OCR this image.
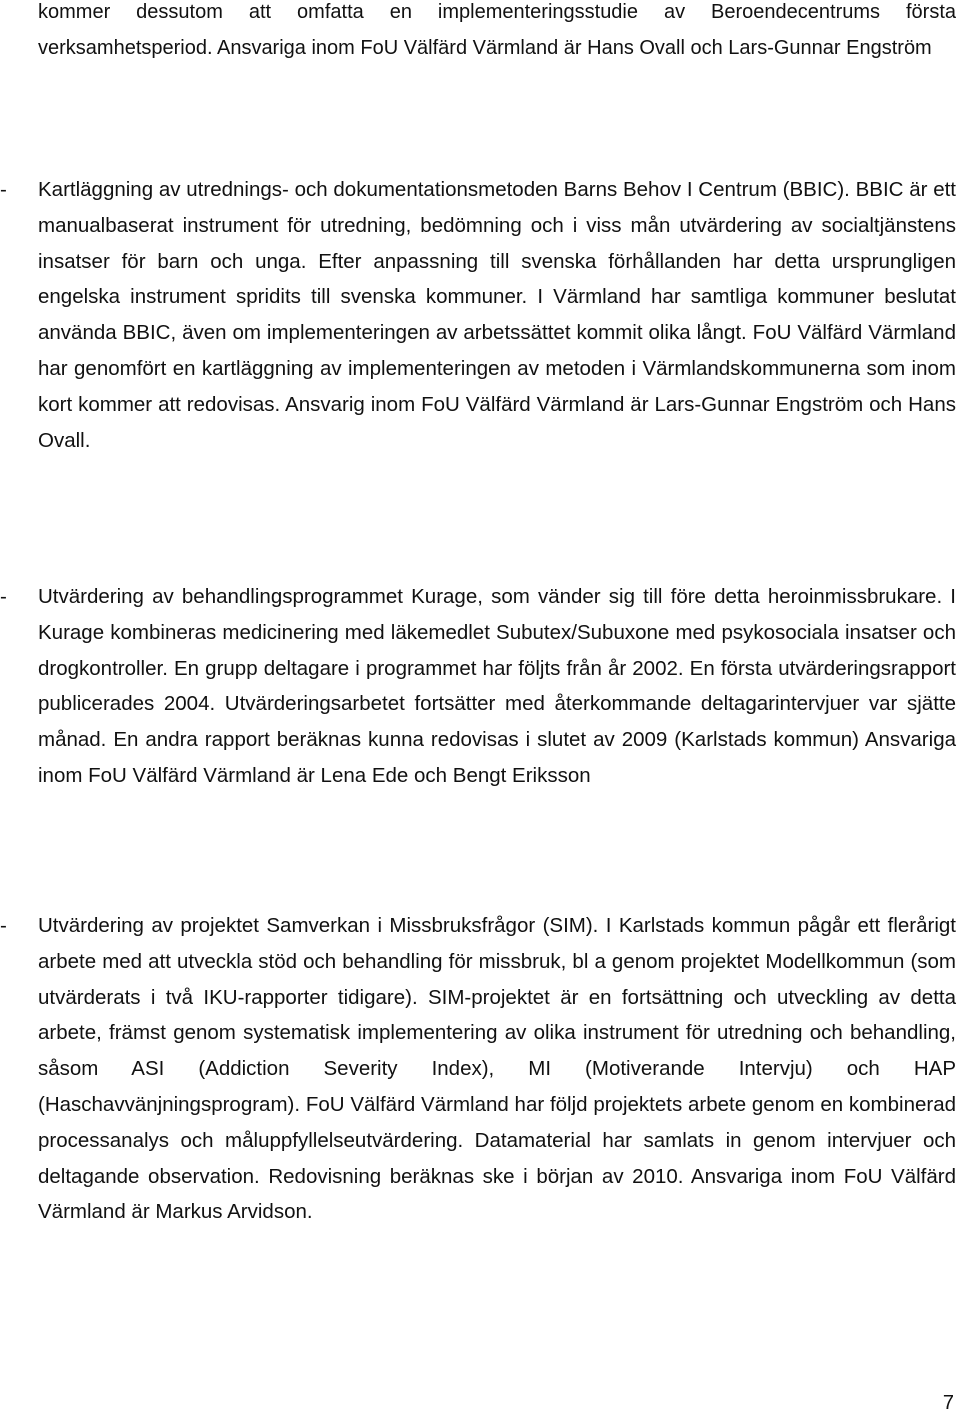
kommer dessutom att omfatta en implementeringsstudie av Beroendecentrums första verksamhetsperiod. Ansvariga inom FoU Välfärd Värmland är Hans Ovall och Lars-Gunnar Engström

-	Kartläggning av utrednings- och dokumentationsmetoden Barns Behov I Centrum (BBIC). BBIC är ett manualbaserat instrument för utredning, bedömning och i viss mån utvärdering av socialtjänstens insatser för barn och unga. Efter anpassning till svenska förhållanden har detta ursprungligen engelska instrument spridits till svenska kommuner. I Värmland har samtliga kommuner beslutat använda BBIC, även om implementeringen av arbetssättet kommit olika långt. FoU Välfärd Värmland har genomfört en kartläggning av implementeringen av metoden i Värmlandskommunerna som inom kort kommer att redovisas. Ansvarig inom FoU Välfärd Värmland är Lars-Gunnar Engström och Hans Ovall.

-	Utvärdering av behandlingsprogrammet Kurage, som vänder sig till före detta heroinmissbrukare. I Kurage kombineras medicinering med läkemedlet Subutex/Subuxone med psykosociala insatser och drogkontroller. En grupp deltagare i programmet har följts från år 2002. En första utvärderingsrapport publicerades 2004. Utvärderingsarbetet fortsätter med återkommande deltagarintervjuer var sjätte månad. En andra rapport beräknas kunna redovisas i slutet av 2009 (Karlstads kommun) Ansvariga inom FoU Välfärd Värmland är Lena Ede och Bengt Eriksson

-	Utvärdering av projektet Samverkan i Missbruksfrågor (SIM). I Karlstads kommun pågår ett flerårigt arbete med att utveckla stöd och behandling för missbruk, bl a genom projektet Modellkommun (som utvärderats i två IKU-rapporter tidigare). SIM-projektet är en fortsättning och utveckling av detta arbete, främst genom systematisk implementering av olika instrument för utredning och behandling, såsom ASI (Addiction Severity Index), MI (Motiverande Intervju) och HAP (Haschavvänjningsprogram). FoU Välfärd Värmland har följd projektets arbete genom en kombinerad processanalys och måluppfyllelseutvärdering. Datamaterial har samlats in genom intervjuer och deltagande observation. Redovisning beräknas ske i början av 2010. Ansvariga inom FoU Välfärd Värmland är Markus Arvidson.

7
